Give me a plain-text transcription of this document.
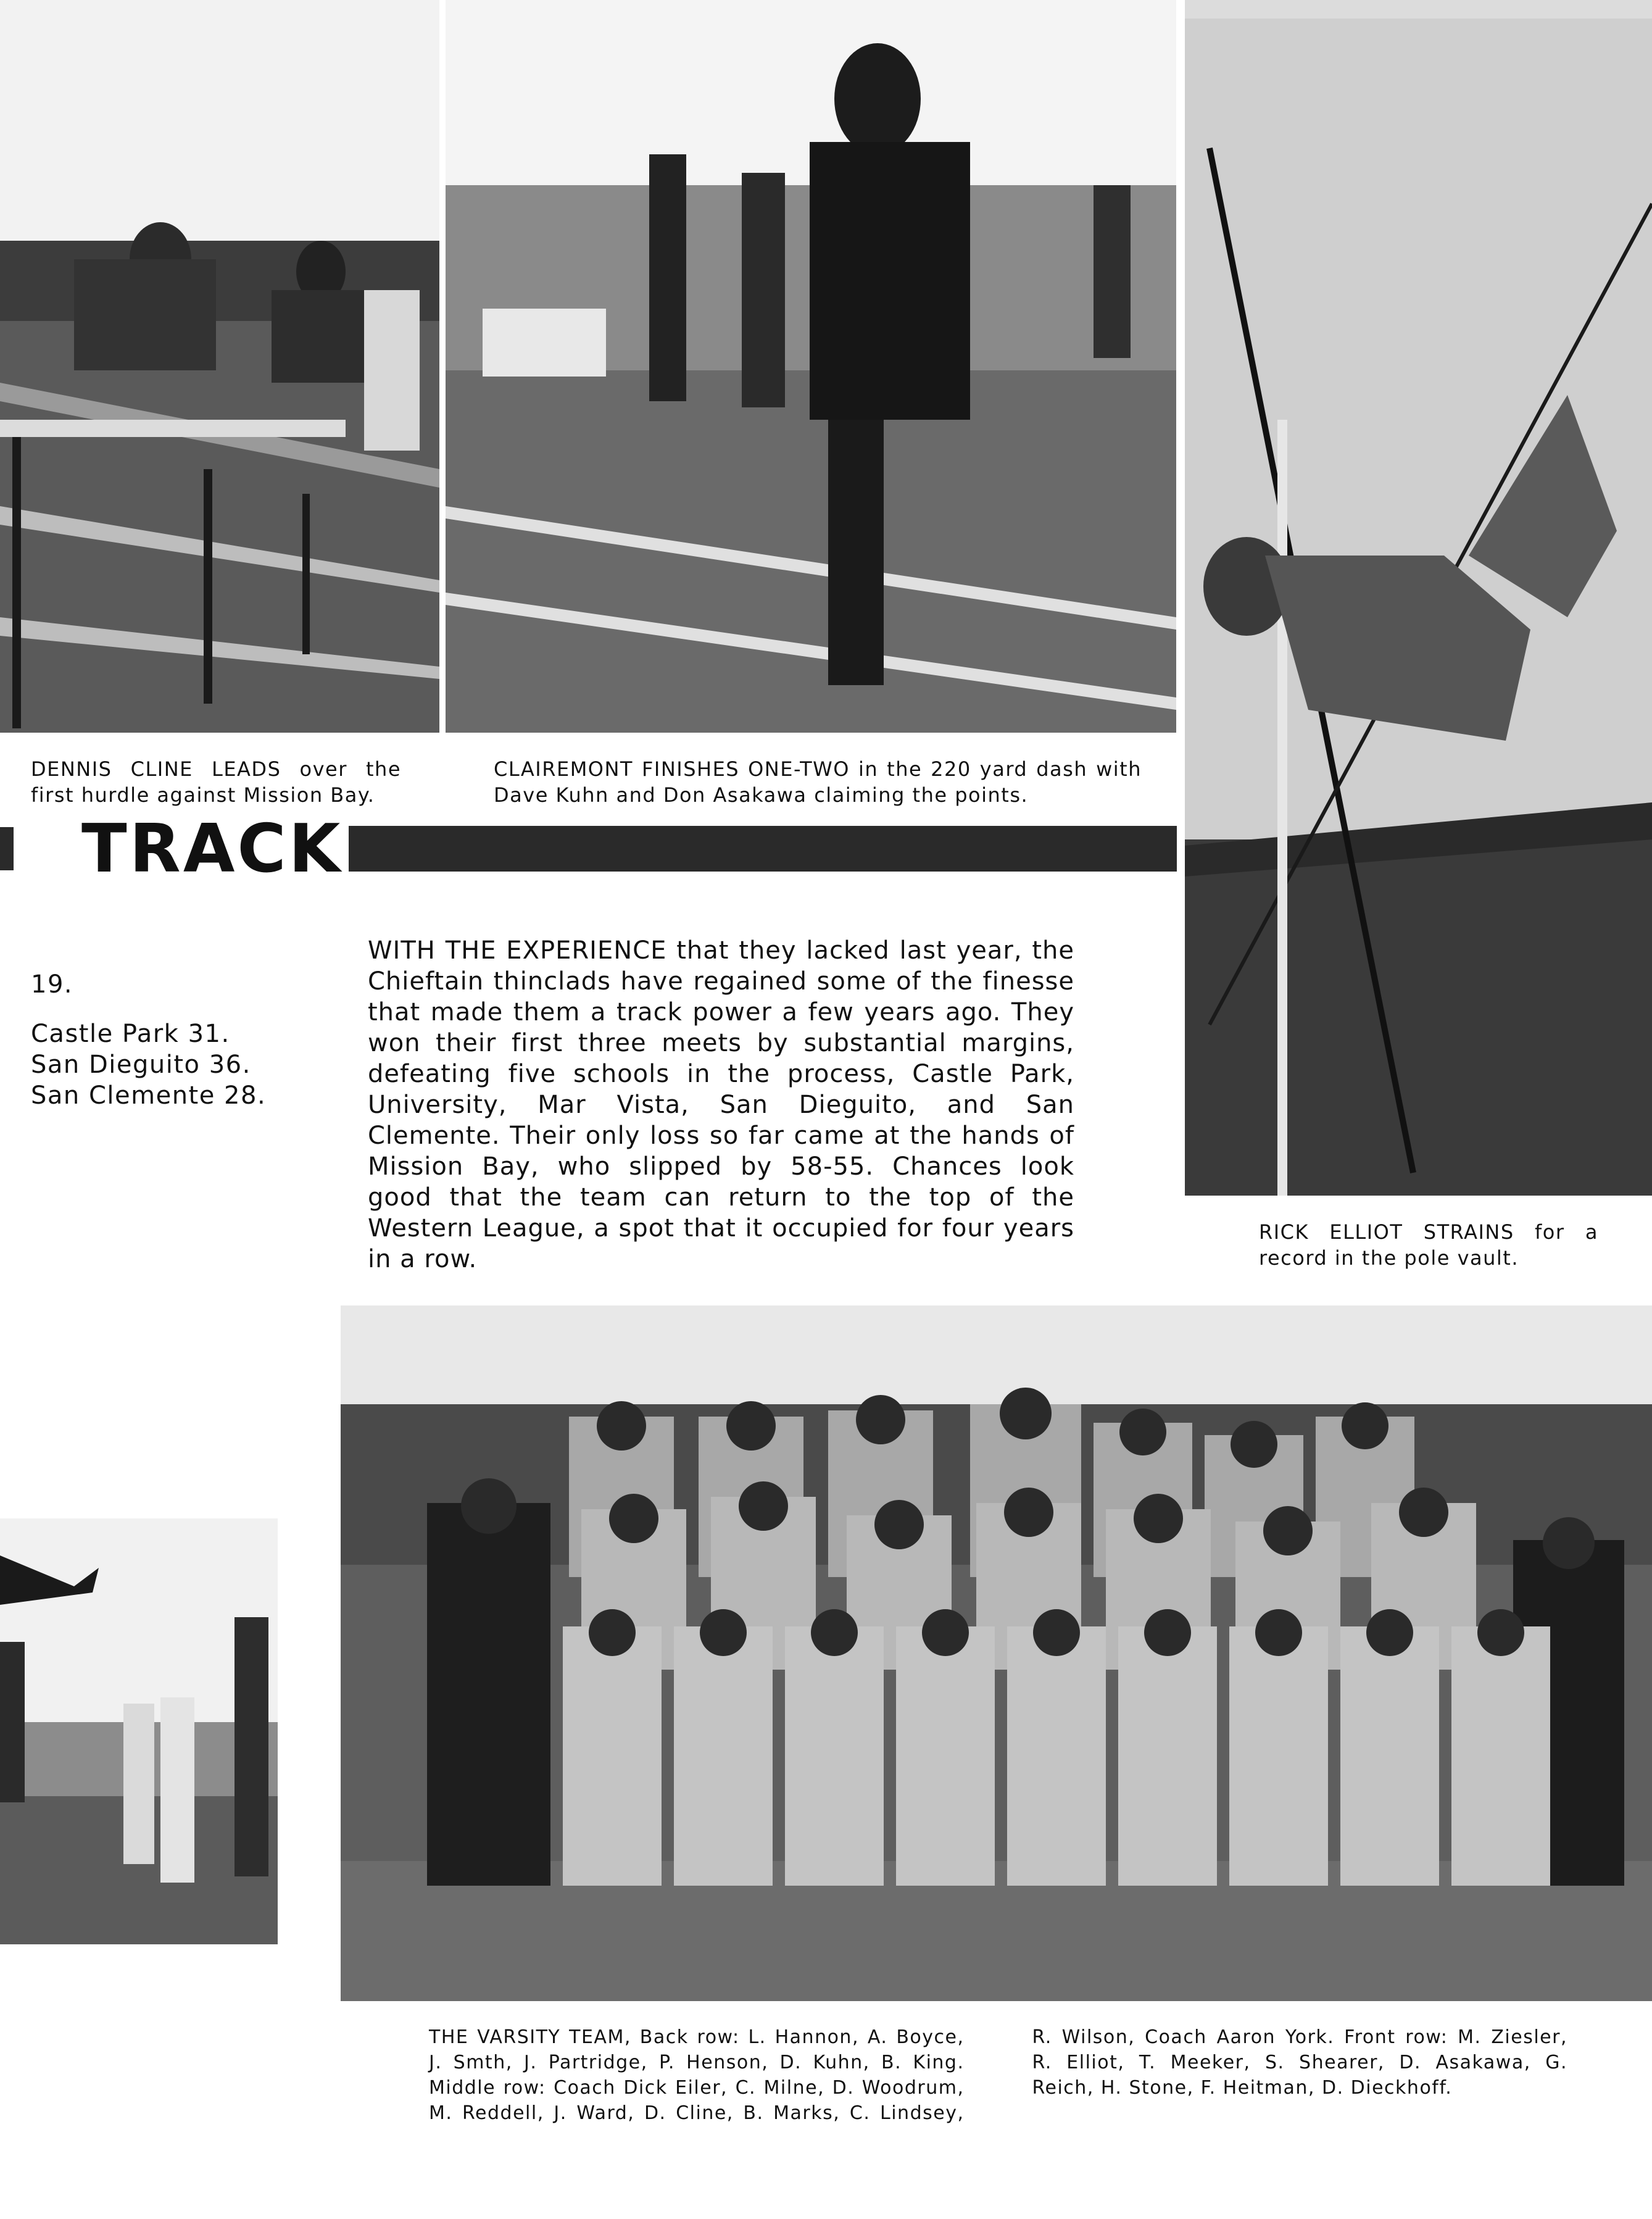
DENNIS CLINE LEADS over the first hurdle against Mission Bay.

CLAIREMONT FINISHES ONE-TWO in the 220 yard dash with Dave Kuhn and Don Asakawa claiming the points.

TRACK
19.
Castle Park 31.
San Dieguito 36.
San Clemente 28.

WITH THE EXPERIENCE that they lacked last year, the Chieftain thinclads have regained some of the finesse that made them a track power a few years ago. They won their first three meets by substantial margins, defeating five schools in the process, Castle Park, University, Mar Vista, San Dieguito, and San Clemente. Their only loss so far came at the hands of Mission Bay, who slipped by 58-55. Chances look good that the team can return to the top of the Western League, a spot that it occupied for four years in a row.

RICK ELLIOT STRAINS for a record in the pole vault.

THE VARSITY TEAM, Back row: L. Hannon, A. Boyce, J. Smth, J. Partridge, P. Henson, D. Kuhn, B. King. Middle row: Coach Dick Eiler, C. Milne, D. Woodrum, M. Reddell, J. Ward, D. Cline, B. Marks, C. Lindsey, R. Wilson, Coach Aaron York. Front row: M. Ziesler, R. Elliot, T. Meeker, S. Shearer, D. Asakawa, G. Reich, H. Stone, F. Heitman, D. Dieckhoff.
